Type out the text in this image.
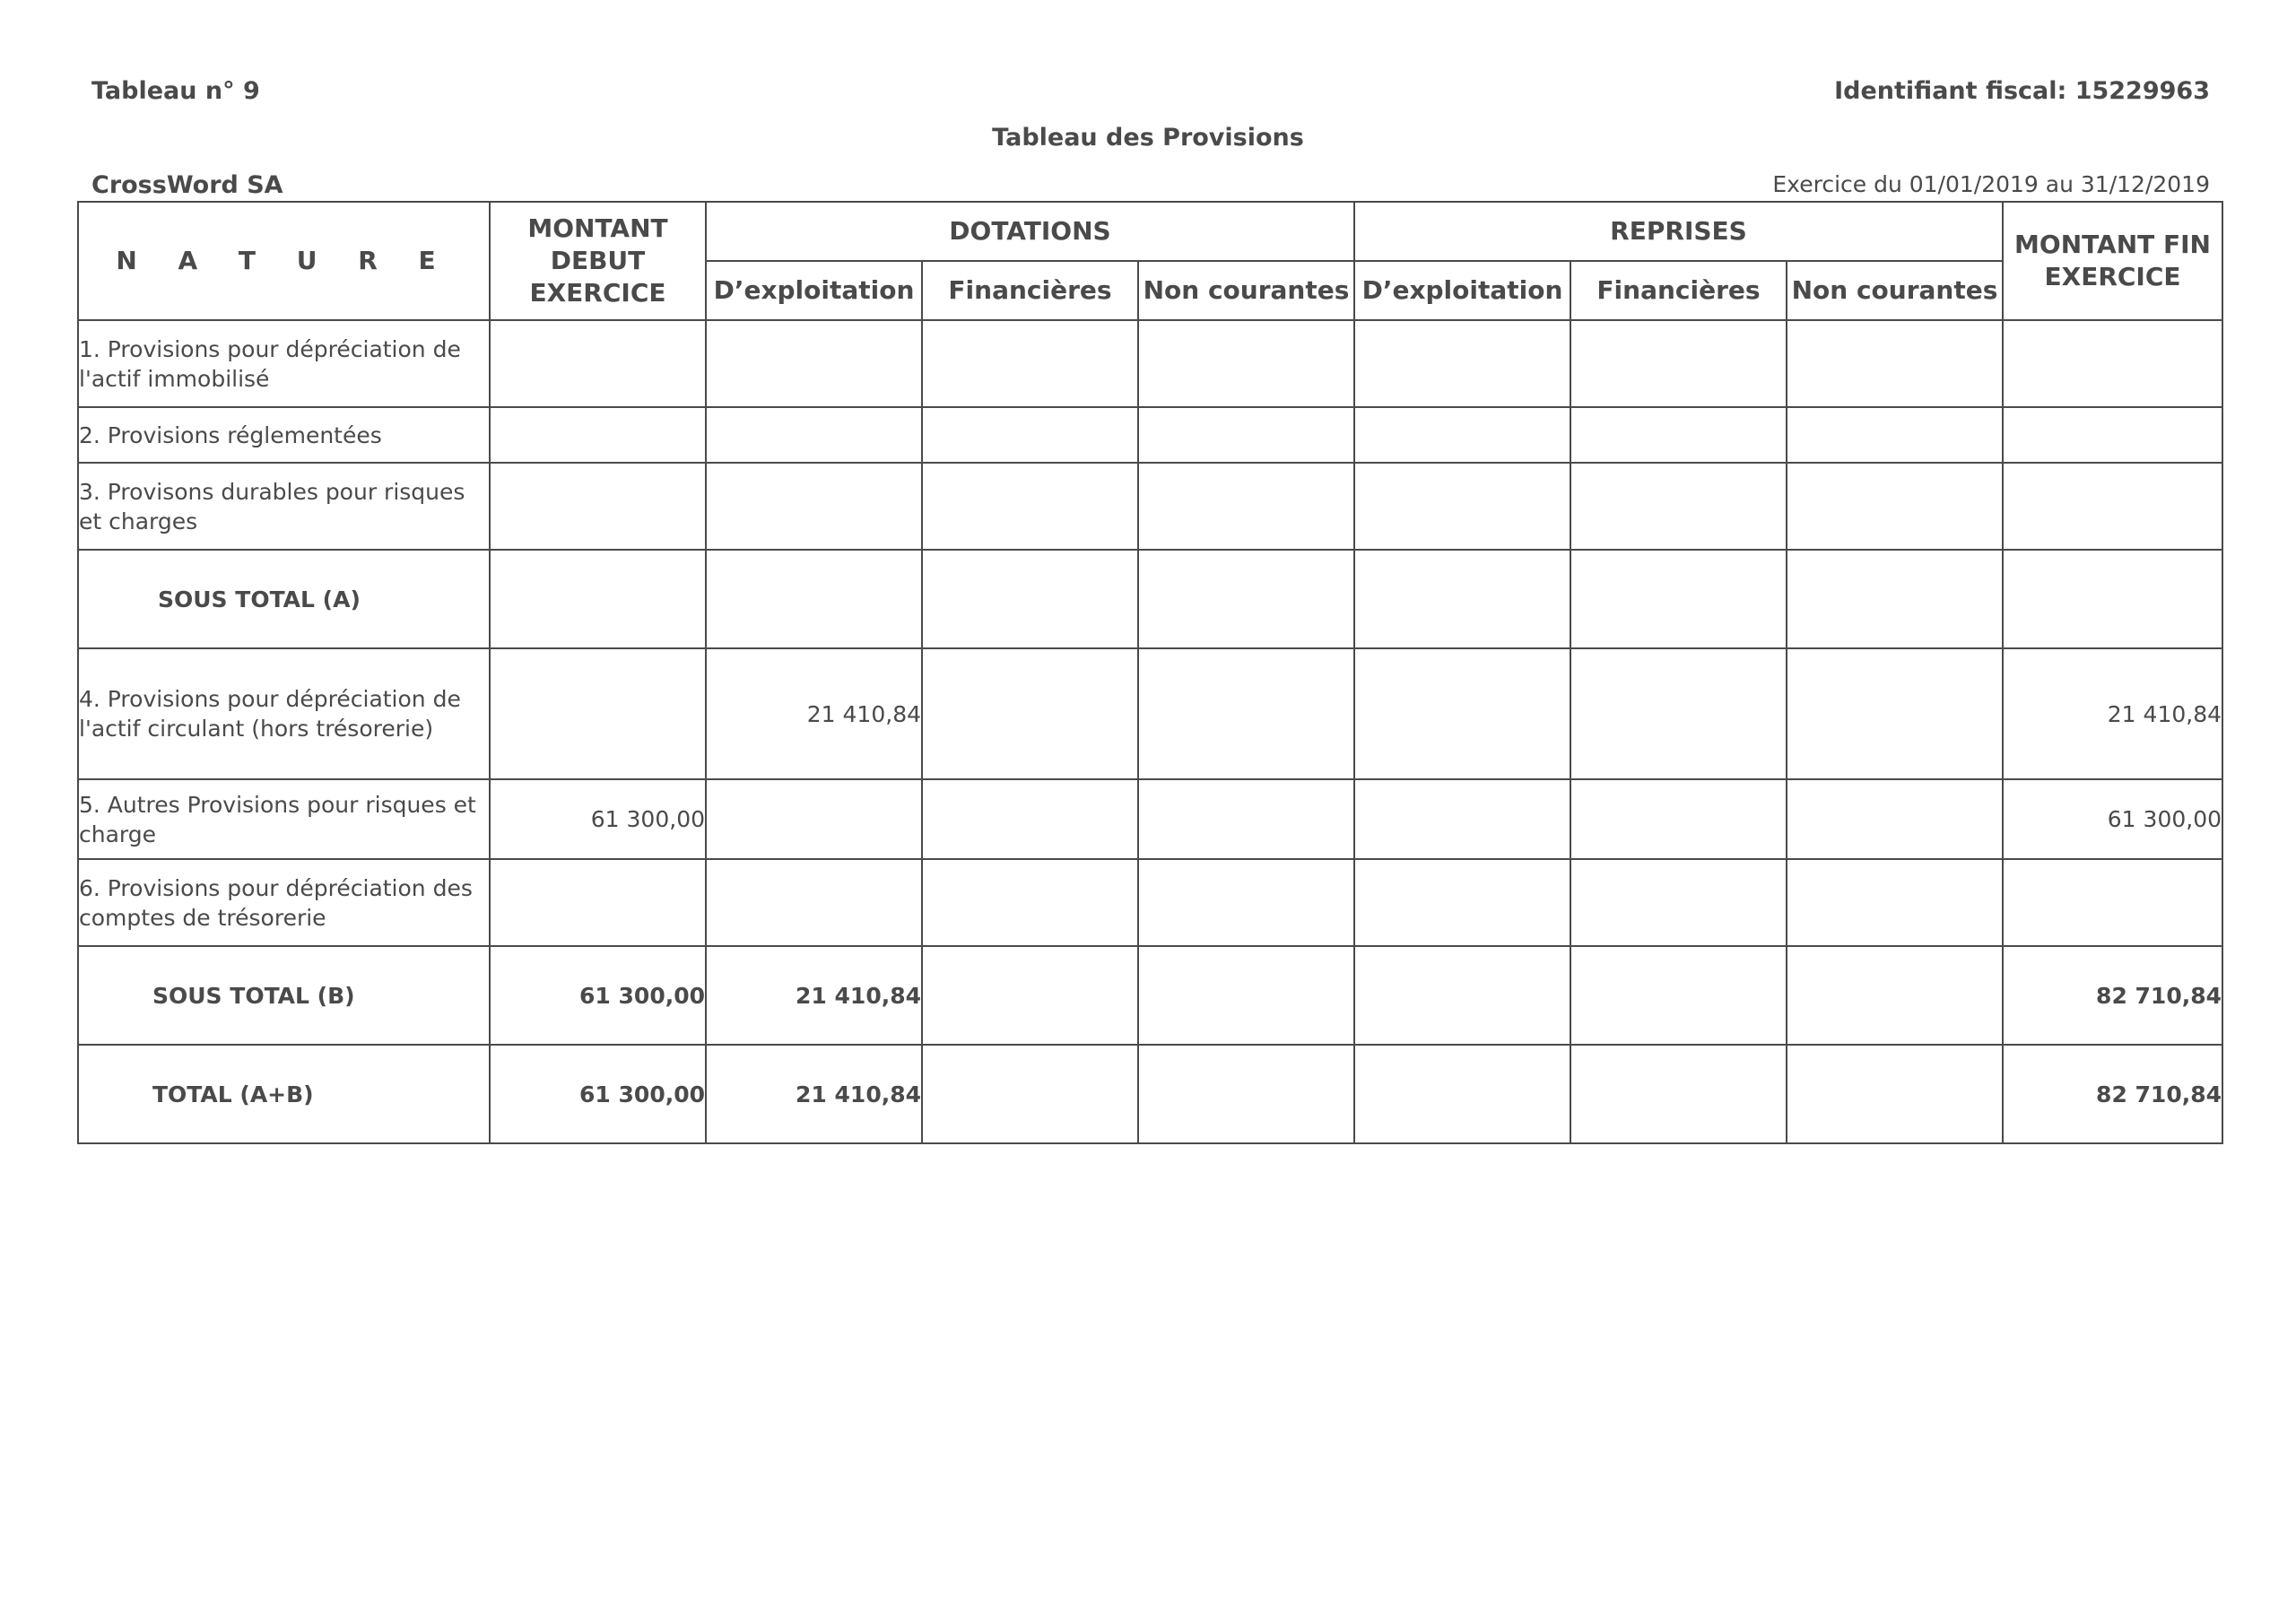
Tableau n° 9	Identifiant fiscal: 15229963
Tableau des Provisions
CrossWord SA	Exercice du 01/01/2019 au 31/12/2019
N A T U R E	MONTANT DEBUT EXERCICE	DOTATIONS			REPRISES			MONTANT FIN EXERCICE
		D’exploitation	Financières	Non courantes	D’exploitation	Financières	Non courantes	
1. Provisions pour dépréciation de l'actif immobilisé								
2. Provisions réglementées								
3. Provisons durables pour risques et charges								
SOUS TOTAL (A)								
4. Provisions pour dépréciation de l'actif circulant (hors trésorerie)		21 410,84						21 410,84
5. Autres Provisions pour risques et charge	61 300,00							61 300,00
6. Provisions pour dépréciation des comptes de trésorerie								
SOUS TOTAL (B)	61 300,00	21 410,84						82 710,84
TOTAL (A+B)	61 300,00	21 410,84						82 710,84
